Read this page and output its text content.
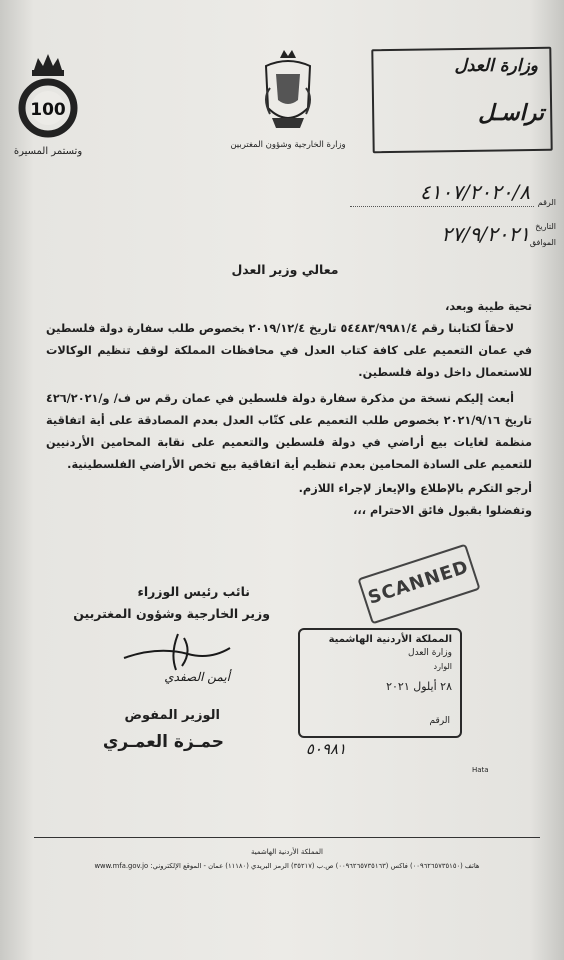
100
وتستمر المسيرة
وزارة الخارجية وشؤون المغتربين
وزارة العدل
تراسـل
الرقم
٤١٠٧/٢٠٢٠/٨
التاريخ
الموافق
٢٧/٩/٢٠٢١
معالي وزير العدل

تحية طيبة وبعد،

لاحقاً لكتابنا رقم ٥٤٤٨٣/٩٩٨١/٤ تاريخ ٢٠١٩/١٢/٤ بخصوص طلب سفارة دولة فلسطين في عمان التعميم على كافة كتاب العدل في محافظات المملكة لوقف تنظيم الوكالات للاستعمال داخل دولة فلسطين.

أبعث إليكم نسخة من مذكرة سفارة دولة فلسطين في عمان رقم س ف/ و/٤٢٦/٢٠٢١ تاريخ ٢٠٢١/٩/١٦ بخصوص طلب التعميم على كتّاب العدل بعدم المصادقة على أية اتفاقية منظمة لغايات بيع أراضي في دولة فلسطين والتعميم على نقابة المحامين الأردنيين للتعميم على السادة المحامين بعدم تنظيم أية اتفاقية بيع تخص الأراضي الفلسطينية.

أرجو التكرم بالإطلاع والإيعاز لإجراء اللازم.

وتفضلوا بقبول فائق الاحترام ،،،

نائب رئيس الوزراء
وزير الخارجية وشؤون المغتربين
أيمن الصفدي
الوزير المفوض
حمـزة العمـري
SCANNED
المملكة الأردنية الهاشمية
وزارة العدل
الوارد
٢٨ أيلول ٢٠٢١
الرقم
٥٠٩٨١
Hata
المملكة الأردنية الهاشمية
هاتف (٠٠٩٦٢٦٥٧٣٥١٥٠) فاكس (٠٠٩٦٢٦٥٧٣٥١٦٣) ص.ب (٣٥٢١٧) الرمز البريدي (١١١٨٠) عمان - الموقع الإلكتروني: www.mfa.gov.jo
